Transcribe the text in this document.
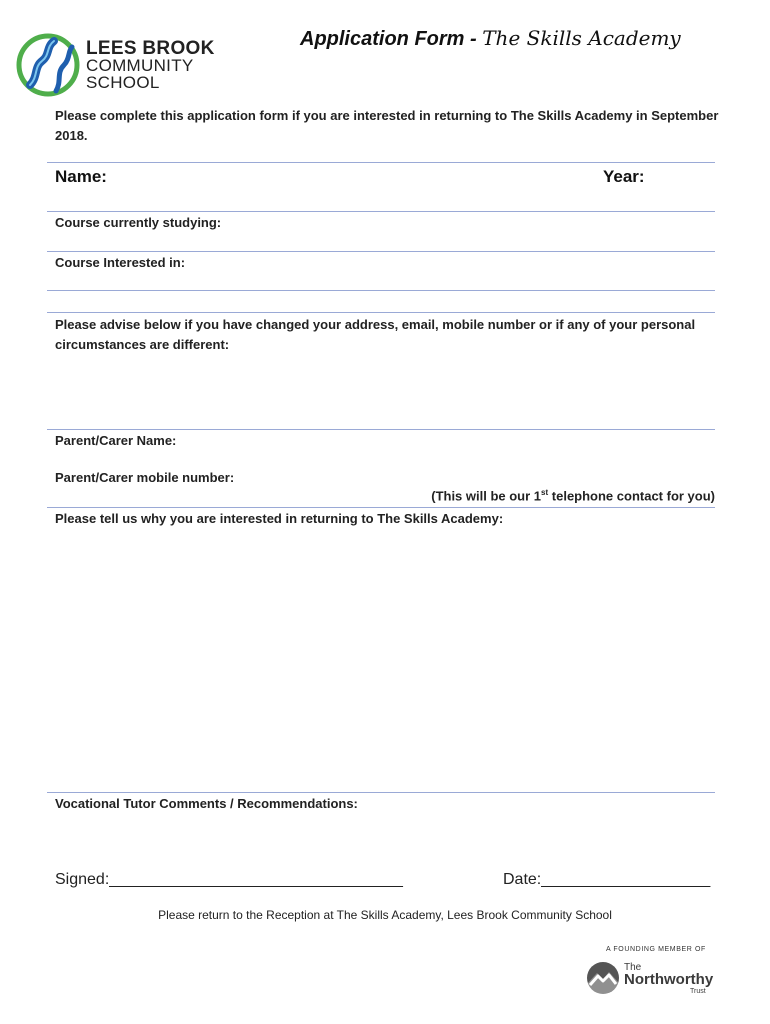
LEES BROOK
COMMUNITY
SCHOOL
Application Form - The Skills Academy
Please complete this application form if you are interested in returning to The Skills Academy in September 2018.
Name:	Year:
Course currently studying:
Course Interested in:
Please advise below if you have changed your address, email, mobile number or if any of your personal circumstances are different:
Parent/Carer Name:
Parent/Carer mobile number:
(This will be our 1st telephone contact for you)
Please tell us why you are interested in returning to The Skills Academy:
Vocational Tutor Comments / Recommendations:
Signed:_________________________________	Date:___________________
Please return to the Reception at The Skills Academy, Lees Brook Community School
A FOUNDING MEMBER OF
The
Northworthy
Trust
